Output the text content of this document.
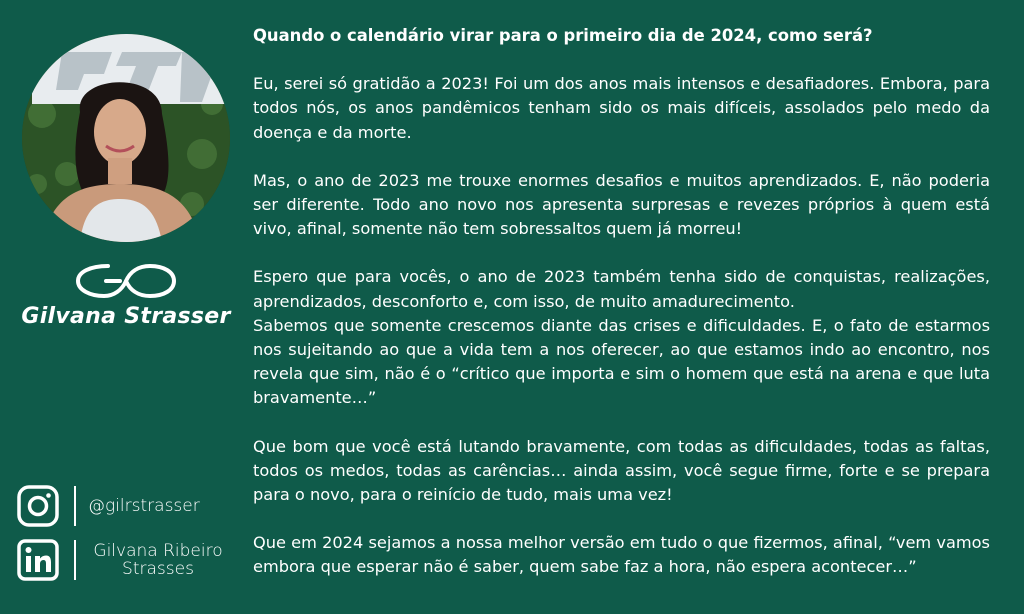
Gilvana Strasser
@gilrstrasser
Gilvana Ribeiro
Strasses
Quando o calendário virar para o primeiro dia de 2024, como será?

Eu, serei só gratidão a 2023! Foi um dos anos mais intensos e desafiadores. Embora, para todos nós, os anos pandêmicos tenham sido os mais difíceis, assolados pelo medo da doença e da morte.

Mas, o ano de 2023 me trouxe enormes desafios e muitos aprendizados. E, não poderia ser diferente. Todo ano novo nos apresenta surpresas e revezes próprios à quem está vivo, afinal, somente não tem sobressaltos quem já morreu!

Espero que para vocês, o ano de 2023 também tenha sido de conquistas, realizações, aprendizados, desconforto e, com isso, de muito amadurecimento.

Sabemos que somente crescemos diante das crises e dificuldades. E, o fato de estarmos nos sujeitando ao que a vida tem a nos oferecer, ao que estamos indo ao encontro, nos revela que sim, não é o “crítico que importa e sim o homem que está na arena e que luta bravamente…”

Que bom que você está lutando bravamente, com todas as dificuldades, todas as faltas, todos os medos, todas as carências… ainda assim, você segue firme, forte e se prepara para o novo, para o reinício de tudo, mais uma vez!

Que em 2024 sejamos a nossa melhor versão em tudo o que fizermos, afinal, “vem vamos embora que esperar não é saber, quem sabe faz a hora, não espera acontecer…”
